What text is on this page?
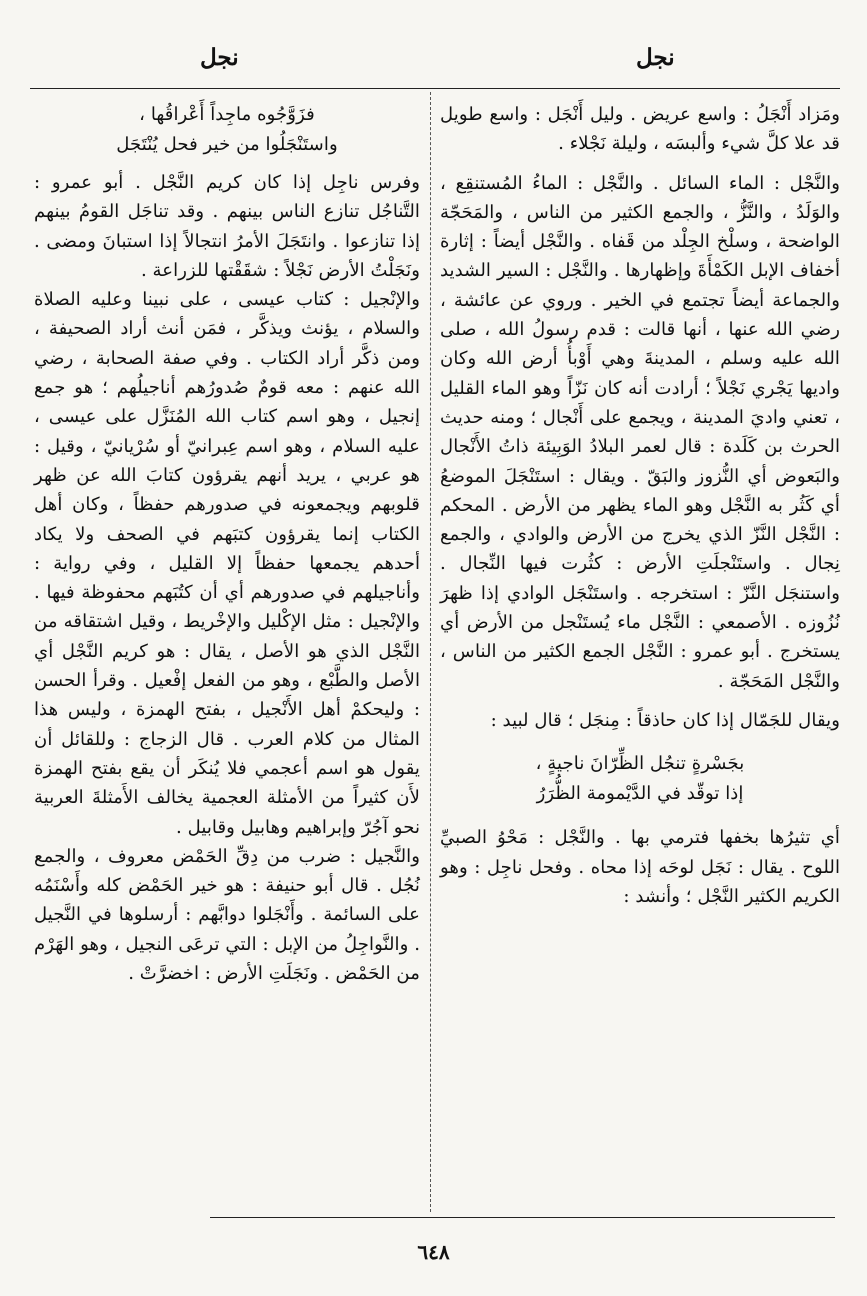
نجل
نجل

ومَزاد أَنْجَلُ : واسع عريض . وليل أَنْجَل : واسع طويل قد علا كلَّ شيء وألبسَه ، وليلة نَجْلاء .

والنَّجْل : الماء السائل . والنَّجْل : الماءُ المُستنقِع ، والوَلَدُ ، والنَّزُّ ، والجمع الكثير من الناس ، والمَحَجّة الواضحة ، وسلْخ الجِلْد من قَفاه . والنَّجْل أيضاً : إثارة أخفاف الإبل الكَمْأَةَ وإظهارها . والنَّجْل : السير الشديد والجماعة أيضاً تجتمع في الخير . وروي عن عائشة ، رضي الله عنها ، أنها قالت : قدم رسولُ الله ، صلى الله عليه وسلم ، المدينةَ وهي أَوْبأُ أرض الله وكان واديها يَجْري نَجْلاً ؛ أرادت أنه كان نَزّاً وهو الماء القليل ، تعني واديَ المدينة ، ويجمع على أَنْجال ؛ ومنه حديث الحرث بن كَلَدة : قال لعمر البلادُ الوَبِيئة ذاتُ الأَنْجال والبَعوض أي النُّزوز والبَقّ . ويقال : استَنْجَلَ الموضعُ أي كَثُر به النَّجْل وهو الماء يظهر من الأرض . المحكم : النَّجْل النَّزّ الذي يخرج من الأرض والوادي ، والجمع نِجال . واستَنْجلَتِ الأرض : كثُرت فيها النِّجال . واستنجَل النَّزّ : استخرجه . واستَنْجَل الوادي إذا ظهرَ نُزُوزه . الأصمعي : النَّجْل ماء يُستَنْجل من الأرض أي يستخرج . أبو عمرو : النَّجْل الجمع الكثير من الناس ، والنَّجْل المَحَجّة .

ويقال للجَمّال إذا كان حاذقاً : مِنجَل ؛ قال لبيد :

بجَسْرةٍ تنجُل الظِّرّانَ ناجيةٍ ،
إذا توقّد في الدَّيْمومة الظُّرَرُ

أي تثيرُها بخفها فترمي بها . والنَّجْل : مَحْوُ الصبيِّ اللوح . يقال : نَجَل لوحَه إذا محاه . وفحل ناجِل : وهو الكريم الكثير النَّجْل ؛ وأنشد :

فزَوَّجُوه ماجِداً أَعْراقُها ،
واستَنْجَلُوا من خير فحل يُنْتَجَل

وفرس ناجِل إذا كان كريم النَّجْل . أبو عمرو : التَّناجُل تنازع الناس بينهم . وقد تناجَل القومُ بينهم إذا تنازعوا . وانتَجَلَ الأمرُ انتجالاً إذا استبانَ ومضى . ونَجَلْتُ الأرض نَجْلاً : شقَقْتها للزراعة .

والإنْجيل : كتاب عيسى ، على نبينا وعليه الصلاة والسلام ، يؤنث ويذكَّر ، فمَن أنث أراد الصحيفة ، ومن ذكَّر أراد الكتاب . وفي صفة الصحابة ، رضي الله عنهم : معه قومٌ صُدورُهم أناجيلُهم ؛ هو جمع إنجيل ، وهو اسم كتاب الله المُنَزَّل على عيسى ، عليه السلام ، وهو اسم عِبرانيّ أو سُرْيانيّ ، وقيل : هو عربي ، يريد أنهم يقرؤون كتابَ الله عن ظهر قلوبهم ويجمعونه في صدورهم حفظاً ، وكان أهل الكتاب إنما يقرؤون كتبَهم في الصحف ولا يكاد أحدهم يجمعها حفظاً إلا القليل ، وفي رواية : وأناجيلهم في صدورهم أي أن كتُبَهم محفوظة فيها . والإنْجيل : مثل الإكْليل والإخْريط ، وقيل اشتقاقه من النَّجْل الذي هو الأصل ، يقال : هو كريم النَّجْل أي الأصل والطَّبْع ، وهو من الفعل إفْعيل . وقرأ الحسن : وليحكمْ أهل الأَنْجيل ، بفتح الهمزة ، وليس هذا المثال من كلام العرب . قال الزجاج : وللقائل أن يقول هو اسم أعجمي فلا يُنكَر أن يقع بفتح الهمزة لأَن كثيراً من الأمثلة العجمية يخالف الأَمثلةَ العربية نحو آجُرّ وإبراهيم وهابيل وقابيل .

والنَّجيل : ضرب من دِقِّ الحَمْض معروف ، والجمع نُجُل . قال أبو حنيفة : هو خير الحَمْض كله وأَسْنَمُه على السائمة . وأَنْجَلوا دوابَّهم : أرسلوها في النَّجيل . والنَّواجِلُ من الإبل : التي ترعَى النجيل ، وهو الهَرْم من الحَمْض . ونَجَلَتِ الأرض : اخضرَّتْ .

٦٤٨
